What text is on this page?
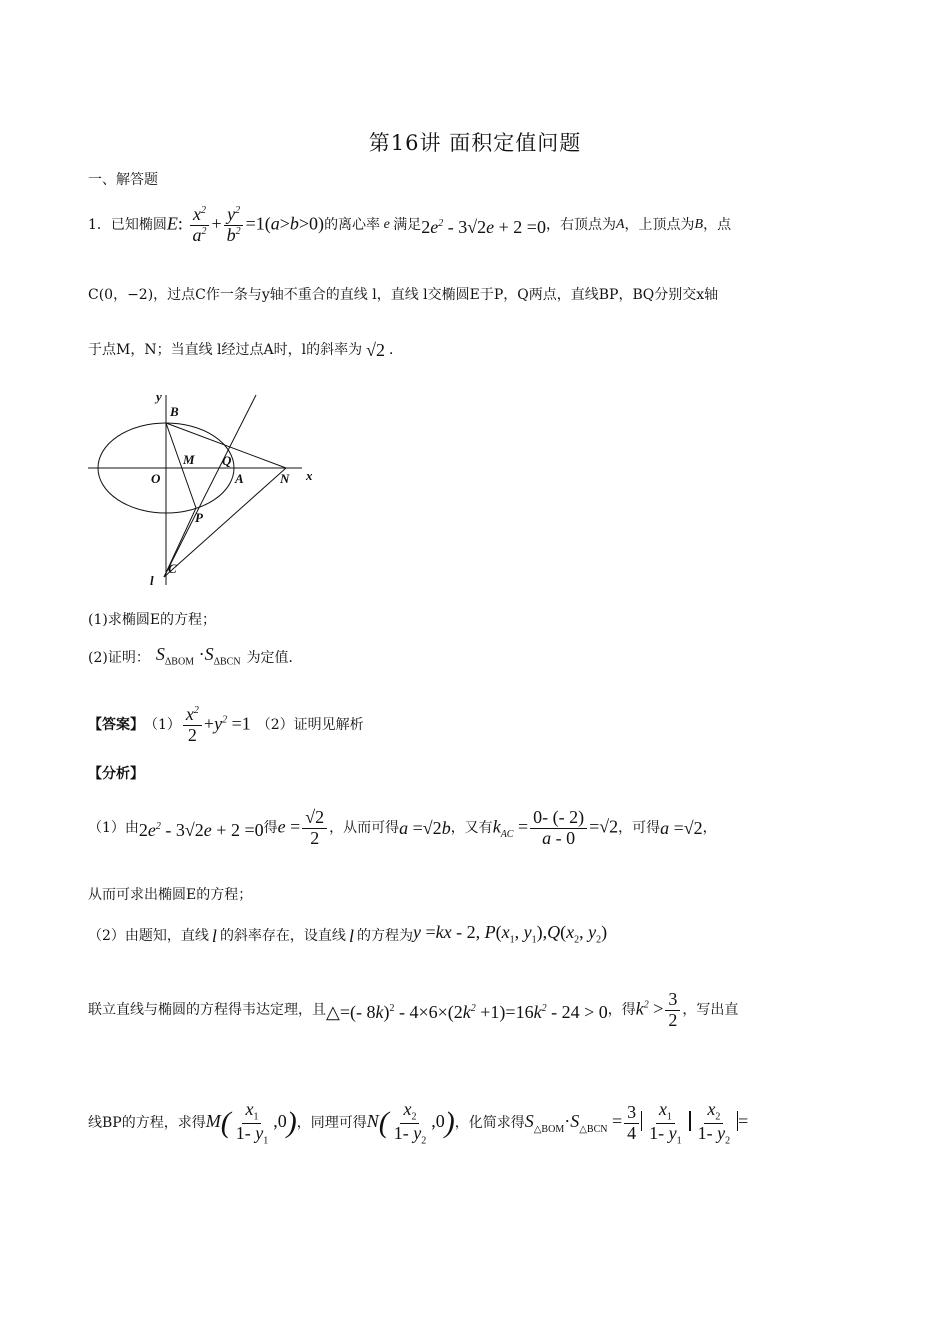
第16讲 面积定值问题
一、解答题
1． 已知椭圆 E: $\frac{x^2}{a^2} + \frac{y^2}{b^2} =1(a>b>0)$ 的离心率 e 满足 $2e^2 - 3√2e + 2 =0$ ，右顶点为 A ，上顶点为 B ，点
C(0，−2)，过点C作一条与y轴不重合的直线 l，直线 l交椭圆E于P，Q两点，直线BP，BQ分别交x轴
于点M，N；当直线 l经过点A时，l的斜率为 √2 ．
y
x
B
M Q
O	A	N
P
l
C
(1)求椭圆E的方程；
(2)证明： $S_{\Delta BOM} \cdot S_{\Delta BCN}$ 为定值．
【答案】 $(1) \frac{x^2}{2} +y^2 =1$ （2）证明见解析
【分析】
（1）由 $2e^2 - 3√2e + 2 =0$ 得 $e = \frac{√2}{2}$ ，从而可得 a =√2b ，又有 $k_{AC} = \frac{0- (- 2)}{a - 0} =√2$ ，可得 a =√2 ，
从而可求出椭圆E的方程；
（2）由题知，直线 l 的斜率存在，设直线 l 的方程为 y =kx - 2, $P(x_1$, $y_1),Q(x_2$, $y_2$)
联立直线与椭圆的方程得韦达定理，且 △=(- $8k)^2 - 4\times 6\times(2k^2 +1)=16k^2 - 24 > 0$ ，得 $k^2 > \frac{3}{2}$ ，写出直
线BP的方程，求得 $M( \frac{x_1}{1- y_1} ,0)$ ，同理可得 $N( \frac{x_2}{1- y_2} ,0)$ ，化简求得 $S_{\triangle BOM}\cdot S_{\triangle BCN} = \frac{3}{4} \frac{x_1}{1- y_1} \frac{x_2}{1- y_2}$ =
